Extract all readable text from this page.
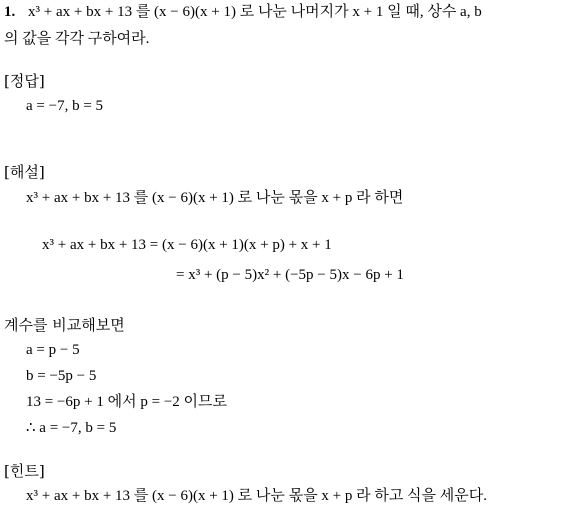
1. x³ + ax + bx + 13 를 (x − 6)(x + 1) 로 나눈 나머지가 x + 1 일 때, 상수 a, b
의 값을 각각 구하여라.
[정답]
a = −7, b = 5
[해설]
x³ + ax + bx + 13 를 (x − 6)(x + 1) 로 나눈 몫을 x + p 라 하면
x³ + ax + bx + 13 = (x − 6)(x + 1)(x + p) + x + 1
= x³ + (p − 5)x² + (−5p − 5)x − 6p + 1
계수를 비교해보면
a = p − 5
b = −5p − 5
13 = −6p + 1 에서 p = −2 이므로
∴ a = −7, b = 5
[힌트]
x³ + ax + bx + 13 를 (x − 6)(x + 1) 로 나눈 몫을 x + p 라 하고 식을 세운다.
